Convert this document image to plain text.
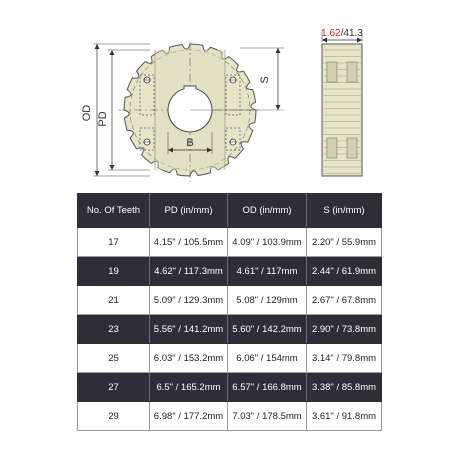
B
OD PD
S
1.62/41.3
No. Of Teeth	PD (in/mm)	OD (in/mm)	S (in/mm)
17	4.15" / 105.5mm	4.09" / 103.9mm	2.20" / 55.9mm
19	4.62" / 117.3mm	4.61" / 117mm	2.44" / 61.9mm
21	5.09" / 129.3mm	5.08" / 129mm	2.67" / 67.8mm
23	5.56" / 141.2mm	5.60" / 142.2mm	2.90" / 73.8mm
25	6.03" / 153.2mm	6.06" / 154mm	3.14" / 79.8mm
27	6.5" / 165.2mm	6.57" / 166.8mm	3.38" / 85.8mm
29	6.98" / 177.2mm	7.03" / 178.5mm	3.61" / 91.8mm
